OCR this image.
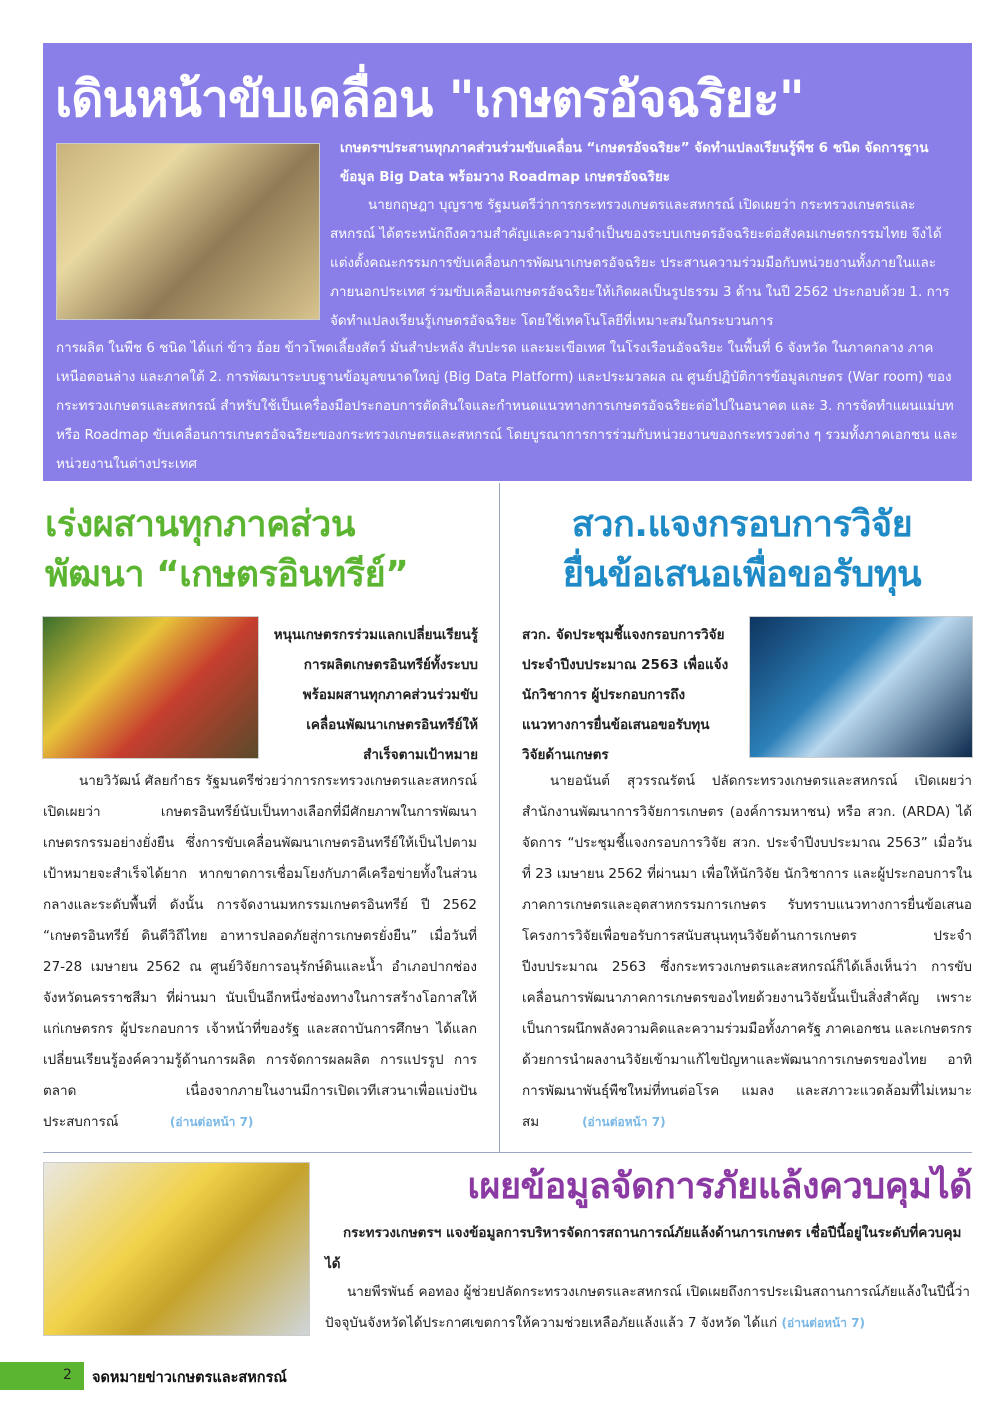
เดินหน้าขับเคลื่อน "เกษตรอัจฉริยะ"
เกษตรฯประสานทุกภาคส่วนร่วมขับเคลื่อน “เกษตรอัจฉริยะ” จัดทำแปลงเรียนรู้พืช 6 ชนิด จัดการฐานข้อมูล Big Data พร้อมวาง Roadmap เกษตรอัจฉริยะ
นายกฤษฎา บุญราช รัฐมนตรีว่าการกระทรวงเกษตรและสหกรณ์ เปิดเผยว่า กระทรวงเกษตรและสหกรณ์ ได้ตระหนักถึงความสำคัญและความจำเป็นของระบบเกษตรอัจฉริยะต่อสังคมเกษตรกรรมไทย จึงได้แต่งตั้งคณะกรรมการขับเคลื่อนการพัฒนาเกษตรอัจฉริยะ ประสานความร่วมมือกับหน่วยงานทั้งภายในและภายนอกประเทศ ร่วมขับเคลื่อนเกษตรอัจฉริยะให้เกิดผลเป็นรูปธรรม 3 ด้าน ในปี 2562 ประกอบด้วย 1. การจัดทำแปลงเรียนรู้เกษตรอัจฉริยะ โดยใช้เทคโนโลยีที่เหมาะสมในกระบวนการ
การผลิต ในพืช 6 ชนิด ได้แก่ ข้าว อ้อย ข้าวโพดเลี้ยงสัตว์ มันสำปะหลัง สับปะรด และมะเขือเทศ ในโรงเรือนอัจฉริยะ ในพื้นที่ 6 จังหวัด ในภาคกลาง ภาคเหนือตอนล่าง และภาคใต้ 2. การพัฒนาระบบฐานข้อมูลขนาดใหญ่ (Big Data Platform) และประมวลผล ณ ศูนย์ปฏิบัติการข้อมูลเกษตร (War room) ของกระทรวงเกษตรและสหกรณ์ สำหรับใช้เป็นเครื่องมือประกอบการตัดสินใจและกำหนดแนวทางการเกษตรอัจฉริยะต่อไปในอนาคต และ 3. การจัดทำแผนแม่บท หรือ Roadmap ขับเคลื่อนการเกษตรอัจฉริยะของกระทรวงเกษตรและสหกรณ์ โดยบูรณาการการร่วมกับหน่วยงานของกระทรวงต่าง ๆ รวมทั้งภาคเอกชน และหน่วยงานในต่างประเทศ
เร่งผสานทุกภาคส่วน
พัฒนา “เกษตรอินทรีย์”
หนุนเกษตรกรร่วมแลกเปลี่ยนเรียนรู้การผลิตเกษตรอินทรีย์ทั้งระบบ พร้อมผสานทุกภาคส่วนร่วมขับเคลื่อนพัฒนาเกษตรอินทรีย์ให้สำเร็จตามเป้าหมาย
นายวิวัฒน์ ศัลยกำธร รัฐมนตรีช่วยว่าการกระทรวงเกษตรและสหกรณ์ เปิดเผยว่า เกษตรอินทรีย์นับเป็นทางเลือกที่มีศักยภาพในการพัฒนาเกษตรกรรมอย่างยั่งยืน ซึ่งการขับเคลื่อนพัฒนาเกษตรอินทรีย์ให้เป็นไปตามเป้าหมายจะสำเร็จได้ยาก หากขาดการเชื่อมโยงกับภาคีเครือข่ายทั้งในส่วนกลางและระดับพื้นที่ ดังนั้น การจัดงานมหกรรมเกษตรอินทรีย์ ปี 2562 “เกษตรอินทรีย์ ดินดีวิถีไทย อาหารปลอดภัยสู่การเกษตรยั่งยืน” เมื่อวันที่ 27-28 เมษายน 2562 ณ ศูนย์วิจัยการอนุรักษ์ดินและน้ำ อำเภอปากช่อง จังหวัดนครราชสีมา ที่ผ่านมา นับเป็นอีกหนึ่งช่องทางในการสร้างโอกาสให้แก่เกษตรกร ผู้ประกอบการ เจ้าหน้าที่ของรัฐ และสถาบันการศึกษา ได้แลกเปลี่ยนเรียนรู้องค์ความรู้ด้านการผลิต การจัดการผลผลิต การแปรรูป การตลาด เนื่องจากภายในงานมีการเปิดเวทีเสวนาเพื่อแบ่งปันประสบการณ์	(อ่านต่อหน้า 7)
สวก.แจงกรอบการวิจัย
ยื่นข้อเสนอเพื่อขอรับทุน
สวก. จัดประชุมชี้แจงกรอบการวิจัย ประจำปีงบประมาณ 2563 เพื่อแจ้งนักวิชาการ ผู้ประกอบการถึงแนวทางการยื่นข้อเสนอขอรับทุนวิจัยด้านเกษตร
นายอนันต์ สุวรรณรัตน์ ปลัดกระทรวงเกษตรและสหกรณ์ เปิดเผยว่า สำนักงานพัฒนาการวิจัยการเกษตร (องค์การมหาชน) หรือ สวก. (ARDA) ได้จัดการ “ประชุมชี้แจงกรอบการวิจัย สวก. ประจำปีงบประมาณ 2563” เมื่อวันที่ 23 เมษายน 2562 ที่ผ่านมา เพื่อให้นักวิจัย นักวิชาการ และผู้ประกอบการในภาคการเกษตรและอุตสาหกรรมการเกษตร รับทราบแนวทางการยื่นข้อเสนอโครงการวิจัยเพื่อขอรับการสนับสนุนทุนวิจัยด้านการเกษตร ประจำปีงบประมาณ 2563 ซึ่งกระทรวงเกษตรและสหกรณ์ก็ได้เล็งเห็นว่า การขับเคลื่อนการพัฒนาภาคการเกษตรของไทยด้วยงานวิจัยนั้นเป็นสิ่งสำคัญ เพราะเป็นการผนึกพลังความคิดและความร่วมมือทั้งภาครัฐ ภาคเอกชน และเกษตรกร ด้วยการนำผลงานวิจัยเข้ามาแก้ไขปัญหาและพัฒนาการเกษตรของไทย อาทิ การพัฒนาพันธุ์พืชใหม่ที่ทนต่อโรค แมลง และสภาวะแวดล้อมที่ไม่เหมาะสม	(อ่านต่อหน้า 7)
เผยข้อมูลจัดการภัยแล้งควบคุมได้
กระทรวงเกษตรฯ แจงข้อมูลการบริหารจัดการสถานการณ์ภัยแล้งด้านการเกษตร เชื่อปีนี้อยู่ในระดับที่ควบคุมได้
นายพีรพันธ์ คอทอง ผู้ช่วยปลัดกระทรวงเกษตรและสหกรณ์ เปิดเผยถึงการประเมินสถานการณ์ภัยแล้งในปีนี้ว่า ปัจจุบันจังหวัดได้ประกาศเขตการให้ความช่วยเหลือภัยแล้งแล้ว 7 จังหวัด ได้แก่ (อ่านต่อหน้า 7)
2 จดหมายข่าวเกษตรและสหกรณ์
